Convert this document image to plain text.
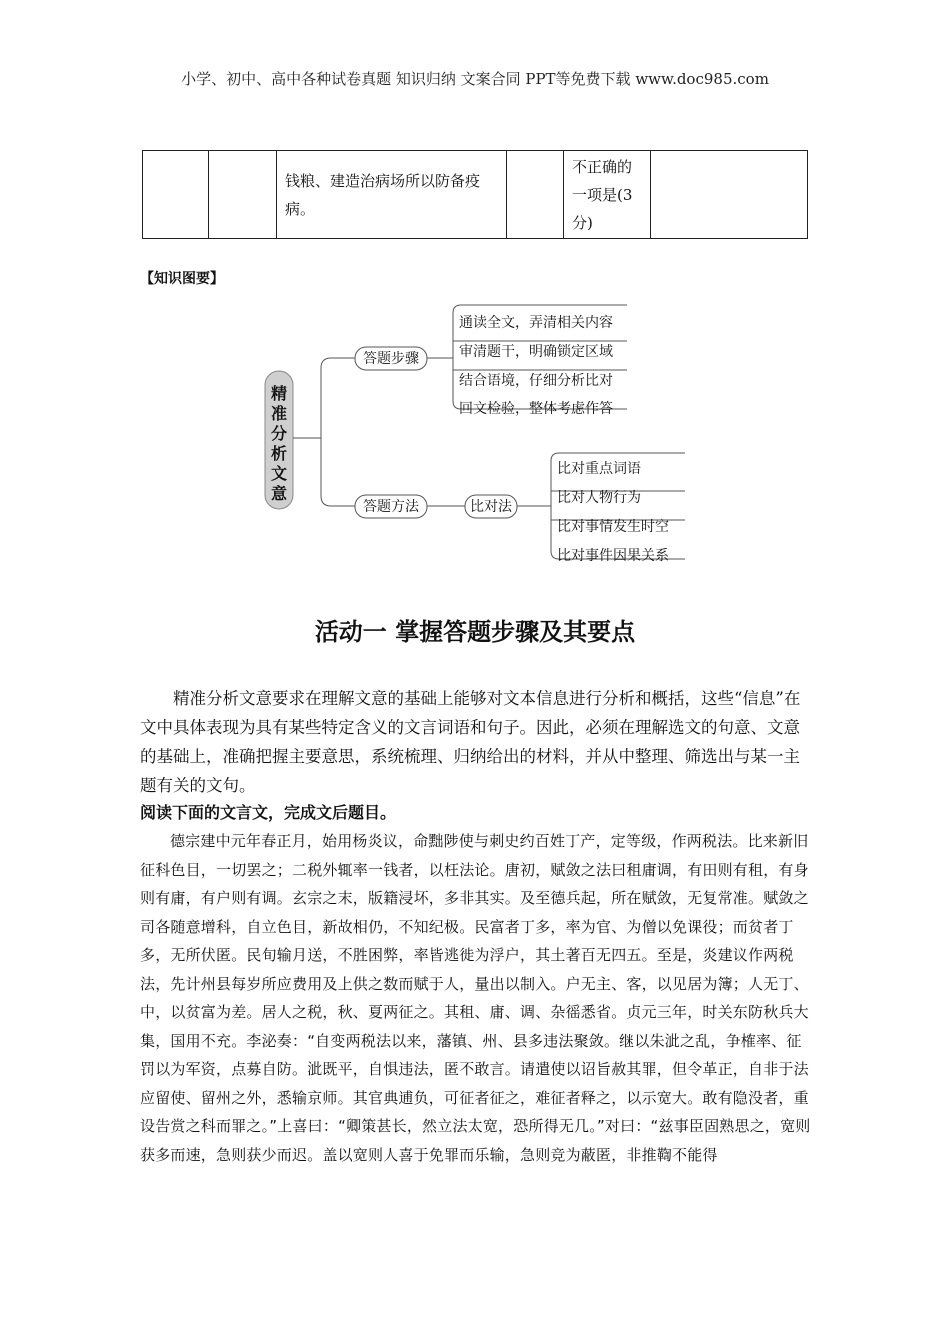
小学、初中、高中各种试卷真题 知识归纳 文案合同 PPT等免费下载 www.doc985.com
		钱粮、建造治病场所以防备疫病。		不正确的一项是(3分)	
【知识图要】
精
准
分
析
文
意
答题步骤
通读全文，弄清相关内容
审清题干，明确锁定区域
结合语境，仔细分析比对
回文检验，整体考虑作答
答题方法	比对法
比对重点词语
比对人物行为
比对事情发生时空
比对事件因果关系
活动一 掌握答题步骤及其要点
精准分析文意要求在理解文意的基础上能够对文本信息进行分析和概括，这些“信息”在文中具体表现为具有某些特定含义的文言词语和句子。因此，必须在理解选文的句意、文意的基础上，准确把握主要意思，系统梳理、归纳给出的材料，并从中整理、筛选出与某一主题有关的文句。
阅读下面的文言文，完成文后题目。
德宗建中元年春正月，始用杨炎议，命黜陟使与刺史约百姓丁产，定等级，作两税法。比来新旧征科色目，一切罢之；二税外辄率一钱者，以枉法论。唐初，赋敛之法曰租庸调，有田则有租，有身则有庸，有户则有调。玄宗之末，版籍浸坏，多非其实。及至德兵起，所在赋敛，无复常准。赋敛之司各随意增科，自立色目，新故相仍，不知纪极。民富者丁多，率为官、为僧以免课役；而贫者丁多，无所伏匿。民旬输月送，不胜困弊，率皆逃徙为浮户，其土著百无四五。至是，炎建议作两税法，先计州县每岁所应费用及上供之数而赋于人，量出以制入。户无主、客，以见居为簿；人无丁、中，以贫富为差。居人之税，秋、夏两征之。其租、庸、调、杂徭悉省。贞元三年，时关东防秋兵大集，国用不充。李泌奏：“自变两税法以来，藩镇、州、县多违法聚敛。继以朱泚之乱，争榷率、征罚以为军资，点募自防。泚既平，自惧违法，匿不敢言。请遣使以诏旨赦其罪，但令革正，自非于法应留使、留州之外，悉输京师。其官典逋负，可征者征之，难征者释之，以示宽大。敢有隐没者，重设告赏之科而罪之。”上喜曰：“卿策甚长，然立法太宽，恐所得无几。”对曰：“兹事臣固熟思之，宽则获多而速，急则获少而迟。盖以宽则人喜于免罪而乐输，急则竞为蔽匿，非推鞫不能得
